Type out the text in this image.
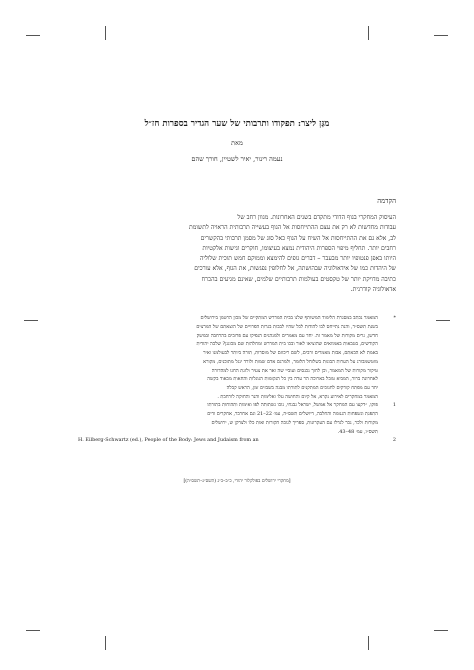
מגַּזְ ליצר: תפקודו ותרבותי של שער הגדיר בספרות חז״ל
מאת
נעמה רינור, יאיר לשטיין, חורך שהם
הקדמה
העיסוק המחקרי בגוף הדודי מתקדם בשנים האחרונות. מגוון רחב של
עבודות מחדשות לא רק את עצם ההתייחסות אל הגוף בעשייה תרבותית הראויה לתשומת
לב, אלא גם את ההתייחסות אל השיח על הגוף כאל סוג של מסמן תרבותי בהקשרים
רחבים יותר. תחליף מיפוי הספרות היהודית נמצא בעיצומו, חוקרים וגישות אלקטיות
היותו באפן פנטופיו יותר מבעבר – דברים גופים להימצא וממוקם חמש תוכית שלוליה
של היהדות כמו של אידאולוגיה שבהושתה, אל לחלופין נפגשות, את הגוף, אלא עורכים
כתיבה מדויקת יותר של טקסטים בעולמות תרבותיים שלמים, שאינם מגיעים בהכרח
אדאולוגיה קודרנית.
*
המאמר נכתב במסגרת הלימוד המשותף שלנו בבית המדרש המתקיים של מכון הרטמן בירושלים
בשנת תשס״ד, והנה נתייחס לבו להודות לכל שהיו לבבות בגרות הפרויים של הוצאתם של המרצים
חדשן, גרים מקורות של מאמר זה. יחד עם מאמרים ולמנהגים הנפיקו עם פרובים בהרחבה ובמשק
הקודשים, בטבאות באמוואים שהוציאו לאור ובכו בית המדרש ומחלהות שם מכוננן? שלכה יהודית
באמת לא הבאתם, אבות מאמרים ורבים, לשם ריכוזם של מוסדות, תורה ביותר לבעולמנו ואיר
מוטשמבורג על הערות הבונות בשלוחל הלומד, ולמרגם אדם שמות ולורד ינגל מתוכנים, מקורא
טיקור מקורות של המאמר, וכן לחוך נכנסים ועוביי שה ואר את צעיר ולזגת החגו למהדורה
לאחרונה ברור, המביא טובל בארוכה הר עדה בין כל הנקומות הגוגלות והחאות מכאוד בקשה
יחד עם מפתח קודקים לחנוכים המתקנים לתורתו מבנה בשבזים זמן, הראש קבלה
המאמר במחקרים לאירוע נקרא, אל קיום והחושה עלו ואלימות והנר והחוקה לורחבת .
1
פוקו, ״דקעו עם המחקר אל אמשל, ישראל גבנחי, נוכו גשתותה לפו ואימות ותהוחות בתורתו
התפגת וגשפחות הגנומה והחלבה, דיושלים תשס״ה, עמ׳ 22–21 וגם אחרבר, אחקרים ודים
מקורות ולכר, נכר לגדלו עם העקרונות, ספריך לגוכה הקורות ואות כלו ולצדקן ש, ירושלים
תשס״ו, עמ׳ 48–43.
2
H. Eilberg-Schwartz (ed.), People of the Body: Jews and Judaism from an
[מחקרי ירושלים בפולקלור יהודי, כ״ב–כ״ג (תשס״ג–תשס״ה)]
